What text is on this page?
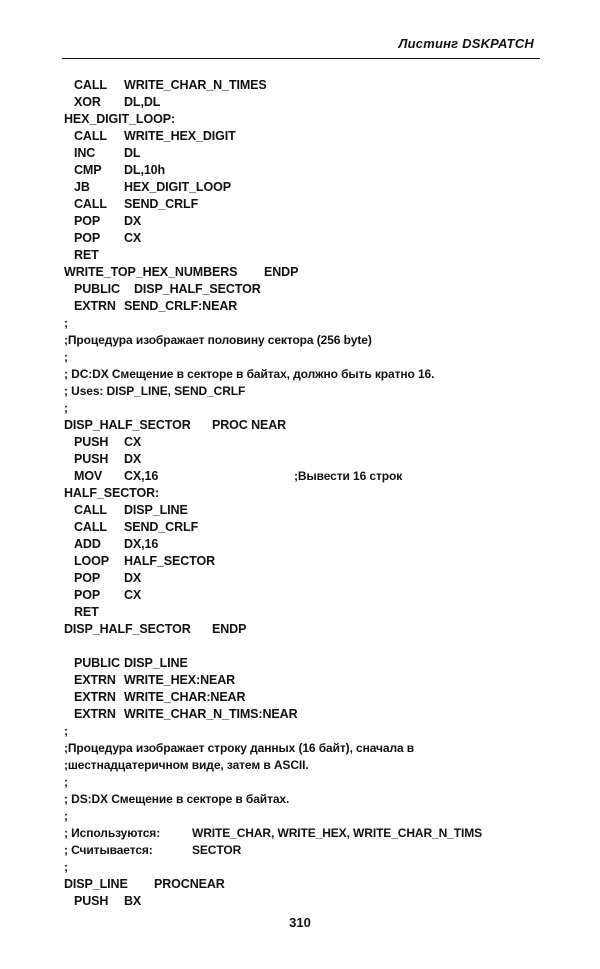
Листинг DSKPATCH
CALL WRITE_CHAR_N_TIMES
XOR DL,DL
HEX_DIGIT_LOOP:
CALL WRITE_HEX_DIGIT
INC DL
CMP DL,10h
JB	HEX_DIGIT_LOOP
CALL SEND_CRLF
POP DX
POP CX
RET
WRITE_TOP_HEX_NUMBERS ENDP
PUBLIC DISP_HALF_SECTOR
EXTRN SEND_CRLF:NEAR
;
;Процедура изображает половину сектора (256 byte)
;
; DC:DX Смещение в секторе в байтах, должно быть кратно 16.
; Uses: DISP_LINE, SEND_CRLF
;
DISP_HALF_SECTOR PROC NEAR
PUSH CX
PUSH DX
MOV CX,16	;Вывести 16 строк
HALF_SECTOR:
CALL DISP_LINE
CALL SEND_CRLF
ADD DX,16
LOOP HALF_SECTOR
POP DX
POP CX
RET
DISP_HALF_SECTOR ENDP
PUBLIC DISP_LINE
EXTRN WRITE_HEX:NEAR
EXTRN WRITE_CHAR:NEAR
EXTRN WRITE_CHAR_N_TIMS:NEAR
;
;Процедура изображает строку данных (16 байт), сначала в
;шестнадцатеричном виде, затем в ASCII.
;
; DS:DX Смещение в секторе в байтах.
;
; Используются:	WRITE_CHAR, WRITE_HEX, WRITE_CHAR_N_TIMS
; Считывается:	SECTOR
;
DISP_LINE PROCNEAR
PUSH BX
310
